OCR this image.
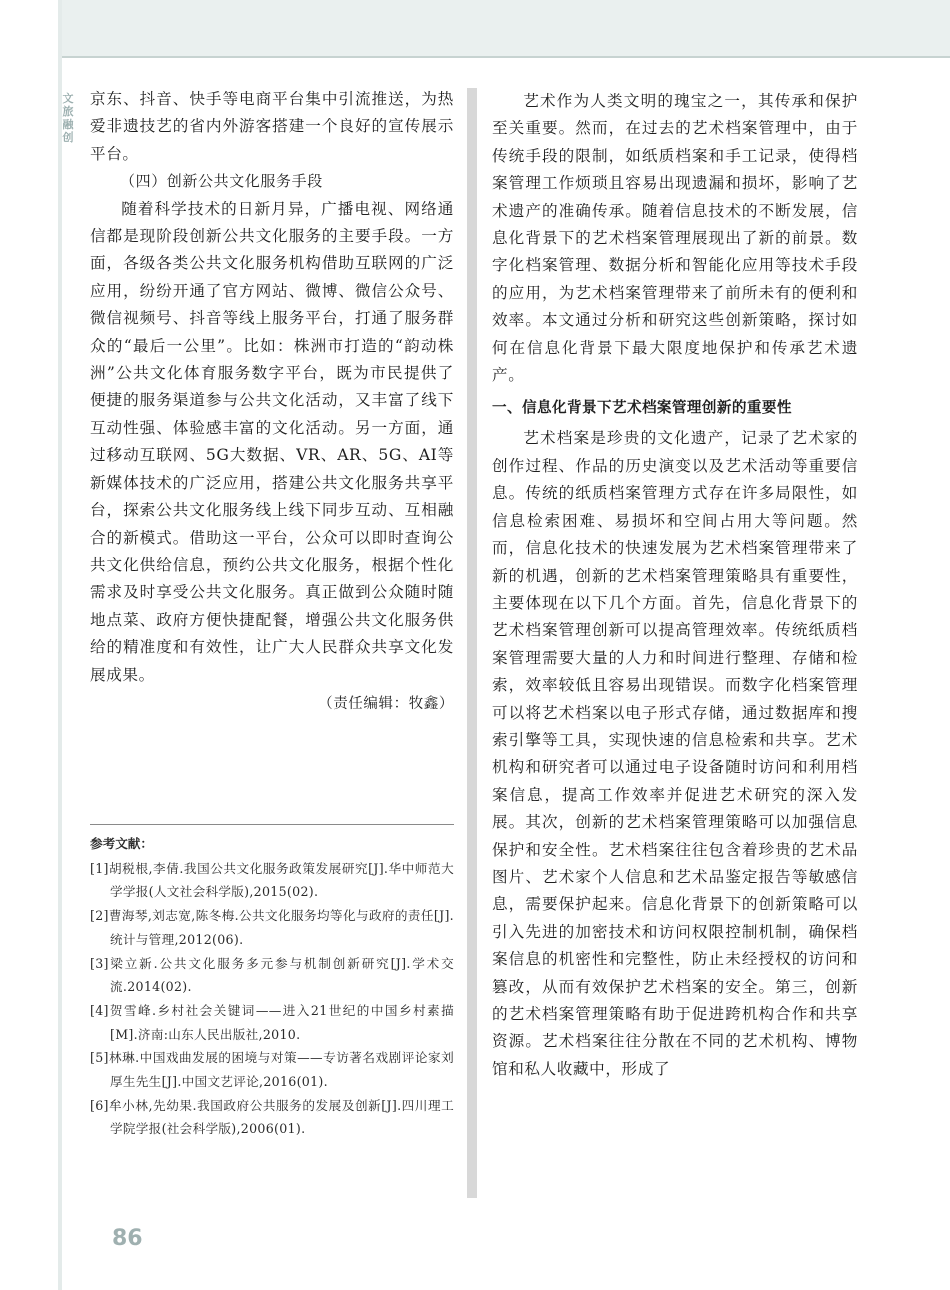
文旅融创

京东、抖音、快手等电商平台集中引流推送，为热爱非遗技艺的省内外游客搭建一个良好的宣传展示平台。

（四）创新公共文化服务手段

随着科学技术的日新月异，广播电视、网络通信都是现阶段创新公共文化服务的主要手段。一方面，各级各类公共文化服务机构借助互联网的广泛应用，纷纷开通了官方网站、微博、微信公众号、微信视频号、抖音等线上服务平台，打通了服务群众的“最后一公里”。比如：株洲市打造的“韵动株洲”公共文化体育服务数字平台，既为市民提供了便捷的服务渠道参与公共文化活动，又丰富了线下互动性强、体验感丰富的文化活动。另一方面，通过移动互联网、5G大数据、VR、AR、5G、AI等新媒体技术的广泛应用，搭建公共文化服务共享平台，探索公共文化服务线上线下同步互动、互相融合的新模式。借助这一平台，公众可以即时查询公共文化供给信息，预约公共文化服务，根据个性化需求及时享受公共文化服务。真正做到公众随时随地点菜、政府方便快捷配餐，增强公共文化服务供给的精准度和有效性，让广大人民群众共享文化发展成果。

（责任编辑：牧鑫）
参考文献：
[1]胡税根,李倩.我国公共文化服务政策发展研究[J].华中师范大学学报(人文社会科学版),2015(02).
[2]曹海琴,刘志宽,陈冬梅.公共文化服务均等化与政府的责任[J].统计与管理,2012(06).
[3]梁立新.公共文化服务多元参与机制创新研究[J].学术交流.2014(02).
[4]贺雪峰.乡村社会关键词——进入21世纪的中国乡村素描[M].济南:山东人民出版社,2010.
[5]林琳.中国戏曲发展的困境与对策——专访著名戏剧评论家刘厚生先生[J].中国文艺评论,2016(01).
[6]牟小林,先幼果.我国政府公共服务的发展及创新[J].四川理工学院学报(社会科学版),2006(01).

艺术作为人类文明的瑰宝之一，其传承和保护至关重要。然而，在过去的艺术档案管理中，由于传统手段的限制，如纸质档案和手工记录，使得档案管理工作烦琐且容易出现遗漏和损坏，影响了艺术遗产的准确传承。随着信息技术的不断发展，信息化背景下的艺术档案管理展现出了新的前景。数字化档案管理、数据分析和智能化应用等技术手段的应用，为艺术档案管理带来了前所未有的便利和效率。本文通过分析和研究这些创新策略，探讨如何在信息化背景下最大限度地保护和传承艺术遗产。

一、信息化背景下艺术档案管理创新的重要性

艺术档案是珍贵的文化遗产，记录了艺术家的创作过程、作品的历史演变以及艺术活动等重要信息。传统的纸质档案管理方式存在许多局限性，如信息检索困难、易损坏和空间占用大等问题。然而，信息化技术的快速发展为艺术档案管理带来了新的机遇，创新的艺术档案管理策略具有重要性，主要体现在以下几个方面。首先，信息化背景下的艺术档案管理创新可以提高管理效率。传统纸质档案管理需要大量的人力和时间进行整理、存储和检索，效率较低且容易出现错误。而数字化档案管理可以将艺术档案以电子形式存储，通过数据库和搜索引擎等工具，实现快速的信息检索和共享。艺术机构和研究者可以通过电子设备随时访问和利用档案信息，提高工作效率并促进艺术研究的深入发展。其次，创新的艺术档案管理策略可以加强信息保护和安全性。艺术档案往往包含着珍贵的艺术品图片、艺术家个人信息和艺术品鉴定报告等敏感信息，需要保护起来。信息化背景下的创新策略可以引入先进的加密技术和访问权限控制机制，确保档案信息的机密性和完整性，防止未经授权的访问和篡改，从而有效保护艺术档案的安全。第三，创新的艺术档案管理策略有助于促进跨机构合作和共享资源。艺术档案往往分散在不同的艺术机构、博物馆和私人收藏中，形成了

86
